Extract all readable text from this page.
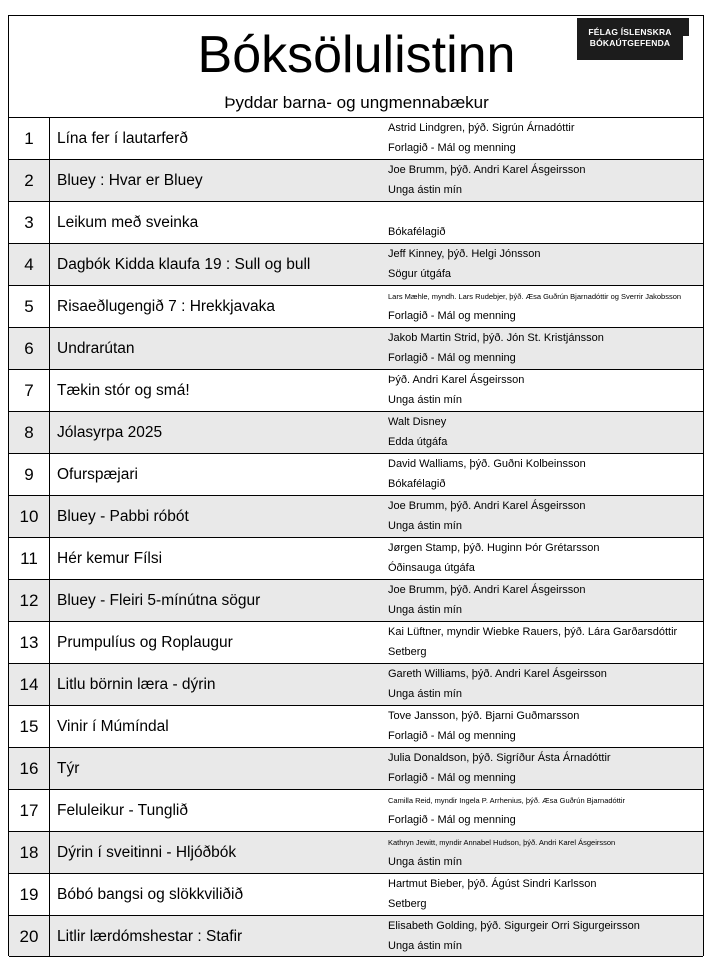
Bóksölulistinn
Þyddar barna- og ungmennabækur
FÉLAG ÍSLENSKRA
BÓKAÚTGEFENDA
1	Lína fer í lautarferð
Astrid Lindgren, þýð. Sigrún Árnadóttir
Forlagið - Mál og menning
2	Bluey : Hvar er Bluey
Joe Brumm, þýð. Andri Karel Ásgeirsson
Unga ástin mín
3	Leikum með sveinka
Bókafélagið
4	Dagbók Kidda klaufa 19 : Sull og bull
Jeff Kinney, þýð. Helgi Jónsson
Sögur útgáfa
5	Risaeðlugengið 7 : Hrekkjavaka
Lars Mæhle, myndh. Lars Rudebjer, þýð. Æsa Guðrún Bjarnadóttir og Sverrir Jakobsson
Forlagið - Mál og menning
6	Undrarútan
Jakob Martin Strid, þýð. Jón St. Kristjánsson
Forlagið - Mál og menning
7	Tækin stór og smá!
Þýð. Andri Karel Ásgeirsson
Unga ástin mín
8	Jólasyrpa 2025
Walt Disney
Edda útgáfa
9	Ofurspæjari
David Walliams, þýð. Guðni Kolbeinsson
Bókafélagið
10	Bluey - Pabbi róbót
Joe Brumm, þýð. Andri Karel Ásgeirsson
Unga ástin mín
11	Hér kemur Fílsi
Jørgen Stamp, þýð. Huginn Þór Grétarsson
Óðinsauga útgáfa
12	Bluey - Fleiri 5-mínútna sögur
Joe Brumm, þýð. Andri Karel Ásgeirsson
Unga ástin mín
13	Prumpulíus og Roplaugur
Kai Lüftner, myndir Wiebke Rauers, þýð. Lára Garðarsdóttir
Setberg
14	Litlu börnin læra - dýrin
Gareth Williams, þýð. Andri Karel Ásgeirsson
Unga ástin mín
15	Vinir í Múmíndal
Tove Jansson, þýð. Bjarni Guðmarsson
Forlagið - Mál og menning
16	Týr
Julia Donaldson, þýð. Sigríður Ásta Árnadóttir
Forlagið - Mál og menning
17	Feluleikur - Tunglið
Camilla Reid, myndir Ingela P. Arrhenius, þýð. Æsa Guðrún Bjarnadóttir
Forlagið - Mál og menning
18	Dýrin í sveitinni - Hljóðbók
Kathryn Jewitt, myndir Annabel Hudson, þýð. Andri Karel Ásgeirsson
Unga ástin mín
19	Bóbó bangsi og slökkviliðið
Hartmut Bieber, þýð. Ágúst Sindri Karlsson
Setberg
20	Litlir lærdómshestar : Stafir
Elisabeth Golding, þýð. Sigurgeir Orri Sigurgeirsson
Unga ástin mín
